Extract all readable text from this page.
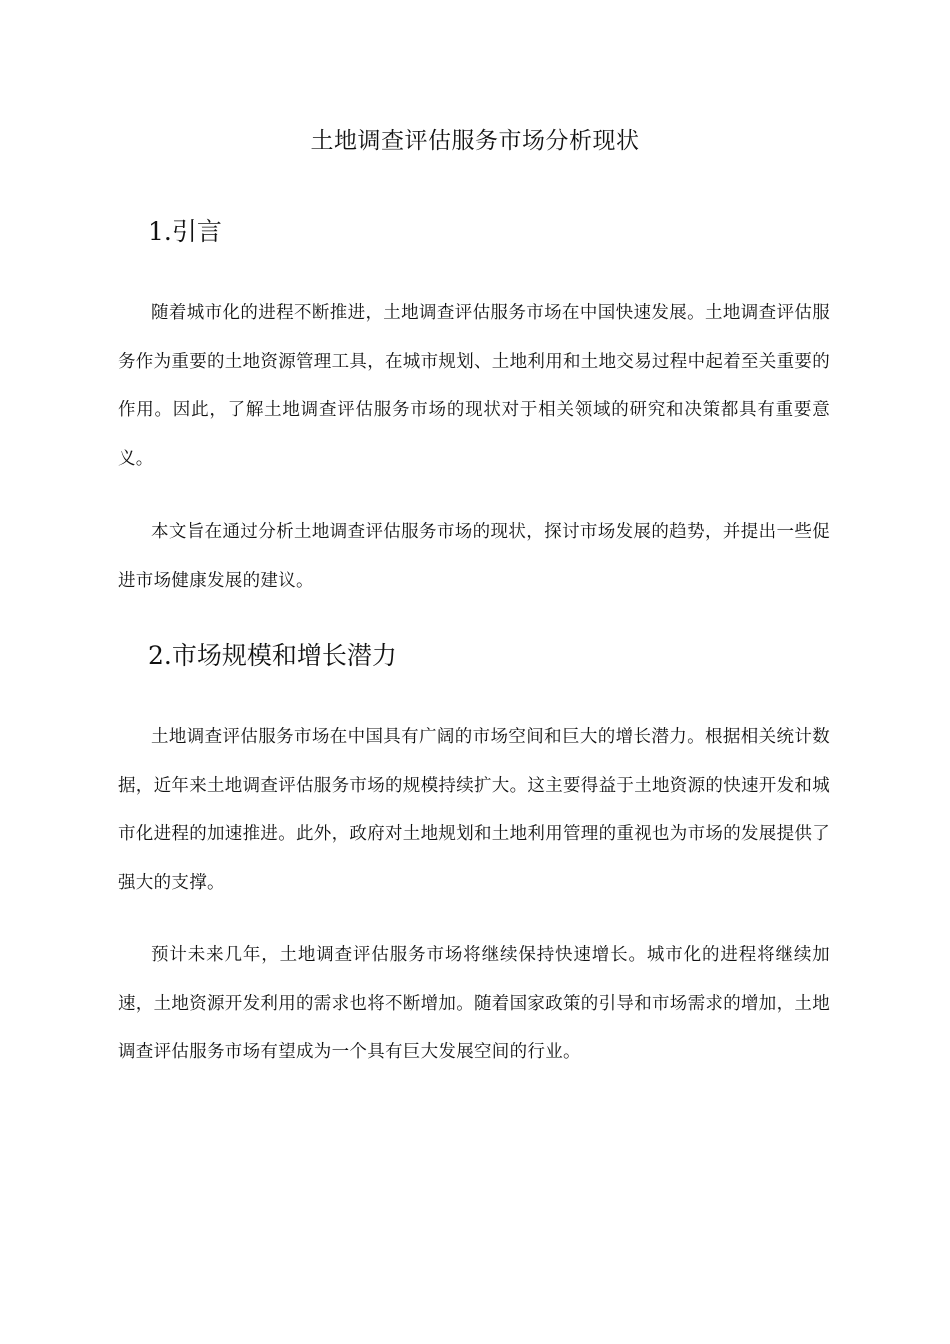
土地调查评估服务市场分析现状
1.引言

随着城市化的进程不断推进，土地调查评估服务市场在中国快速发展。土地调查评估服务作为重要的土地资源管理工具，在城市规划、土地利用和土地交易过程中起着至关重要的作用。因此，了解土地调查评估服务市场的现状对于相关领域的研究和决策都具有重要意义。

本文旨在通过分析土地调查评估服务市场的现状，探讨市场发展的趋势，并提出一些促进市场健康发展的建议。

2.市场规模和增长潜力

土地调查评估服务市场在中国具有广阔的市场空间和巨大的增长潜力。根据相关统计数据，近年来土地调查评估服务市场的规模持续扩大。这主要得益于土地资源的快速开发和城市化进程的加速推进。此外，政府对土地规划和土地利用管理的重视也为市场的发展提供了强大的支撑。

预计未来几年，土地调查评估服务市场将继续保持快速增长。城市化的进程将继续加速，土地资源开发利用的需求也将不断增加。随着国家政策的引导和市场需求的增加，土地调查评估服务市场有望成为一个具有巨大发展空间的行业。
